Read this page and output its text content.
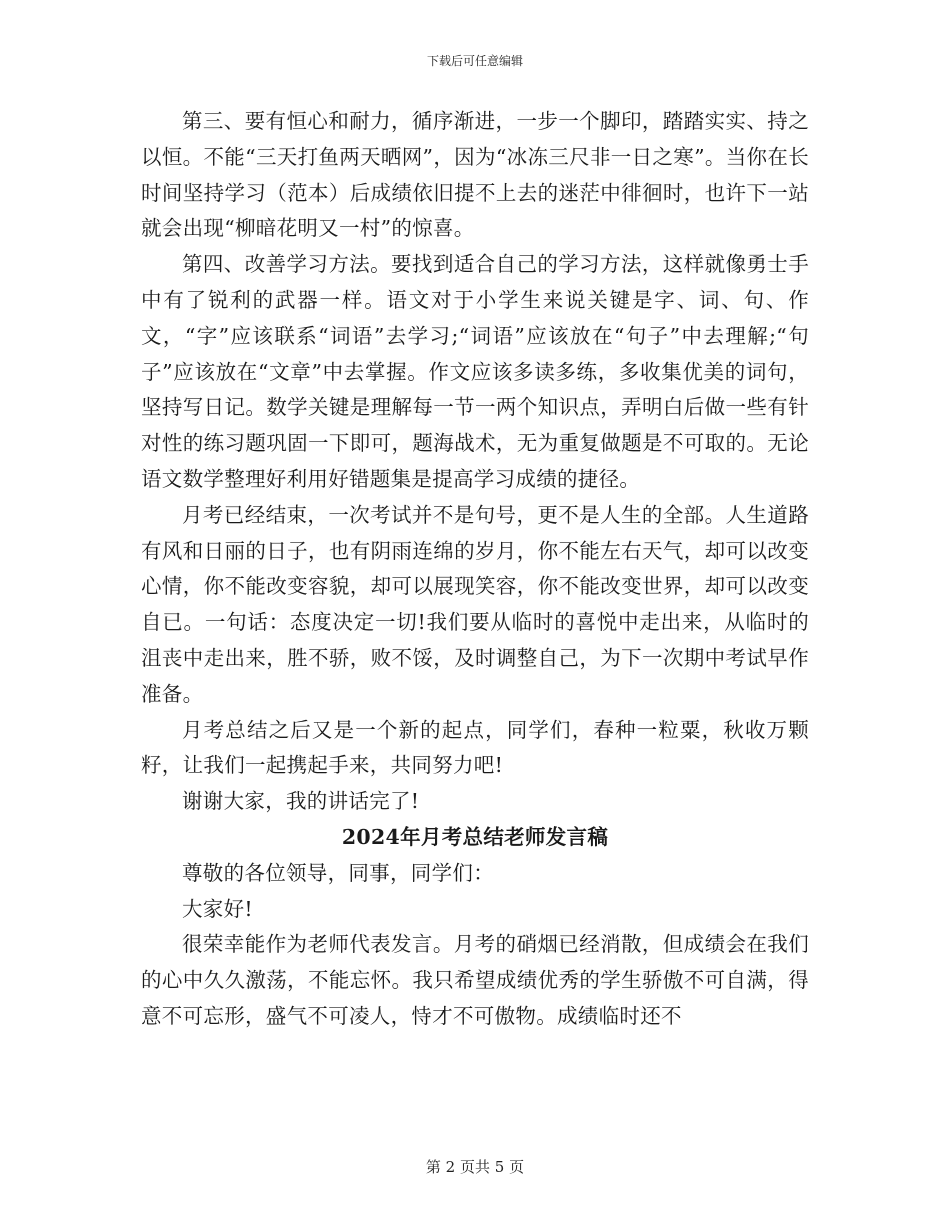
下载后可任意编辑

第三、要有恒心和耐力，循序渐进，一步一个脚印，踏踏实实、持之以恒。不能“三天打鱼两天晒网”，因为“冰冻三尺非一日之寒”。当你在长时间坚持学习（范本）后成绩依旧提不上去的迷茫中徘徊时，也许下一站就会出现“柳暗花明又一村”的惊喜。

第四、改善学习方法。要找到适合自己的学习方法，这样就像勇士手中有了锐利的武器一样。语文对于小学生来说关键是字、词、句、作文，“字”应该联系“词语”去学习;“词语”应该放在“句子”中去理解;“句子”应该放在“文章”中去掌握。作文应该多读多练，多收集优美的词句，坚持写日记。数学关键是理解每一节一两个知识点，弄明白后做一些有针对性的练习题巩固一下即可，题海战术，无为重复做题是不可取的。无论语文数学整理好利用好错题集是提高学习成绩的捷径。

月考已经结束，一次考试并不是句号，更不是人生的全部。人生道路有风和日丽的日子，也有阴雨连绵的岁月，你不能左右天气，却可以改变心情，你不能改变容貌，却可以展现笑容，你不能改变世界，却可以改变自已。一句话：态度决定一切!我们要从临时的喜悦中走出来，从临时的沮丧中走出来，胜不骄，败不馁，及时调整自己，为下一次期中考试早作准备。

月考总结之后又是一个新的起点，同学们，春种一粒粟，秋收万颗籽，让我们一起携起手来，共同努力吧!

谢谢大家，我的讲话完了!

2024年月考总结老师发言稿

尊敬的各位领导，同事，同学们：

大家好!

很荣幸能作为老师代表发言。月考的硝烟已经消散，但成绩会在我们的心中久久激荡，不能忘怀。我只希望成绩优秀的学生骄傲不可自满，得意不可忘形，盛气不可凌人，恃才不可傲物。成绩临时还不

第 2 页共 5 页
